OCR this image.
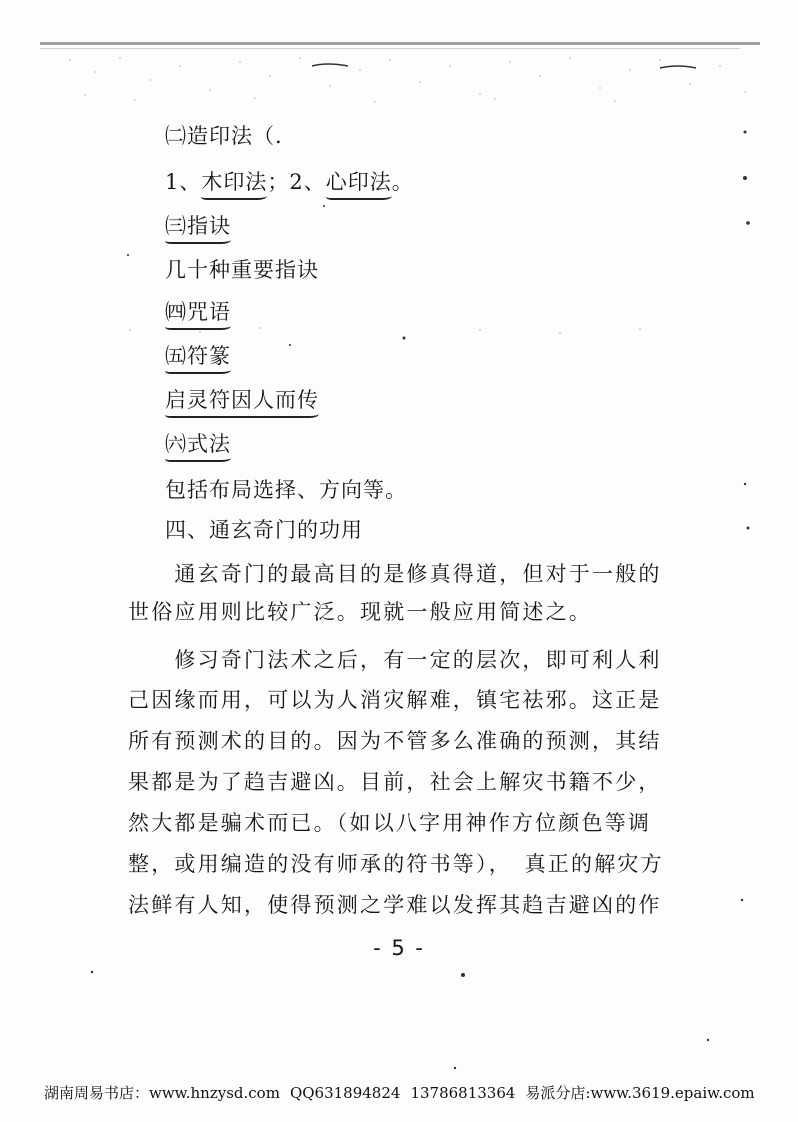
㈡造印法（.
1、木印法；2、心印法。
㈢指诀
几十种重要指诀
㈣咒语
㈤符篆
启灵符因人而传
㈥式法
包括布局选择、方向等。
四、通玄奇门的功用
　　通玄奇门的最高目的是修真得道，但对于一般的
世俗应用则比较广泛。现就一般应用简述之。
　　修习奇门法术之后，有一定的层次，即可利人利
己因缘而用，可以为人消灾解难，镇宅祛邪。这正是
所有预测术的目的。因为不管多么准确的预测，其结
果都是为了趋吉避凶。目前，社会上解灾书籍不少，
然大都是骗术而已。（如以八字用神作方位颜色等调
整，或用编造的没有师承的符书等），　真正的解灾方
法鲜有人知，使得预测之学难以发挥其趋吉避凶的作
- 5 -
湖南周易书店：www.hnzysd.com QQ631894824 13786813364 易派分店:www.3619.epaiw.com
